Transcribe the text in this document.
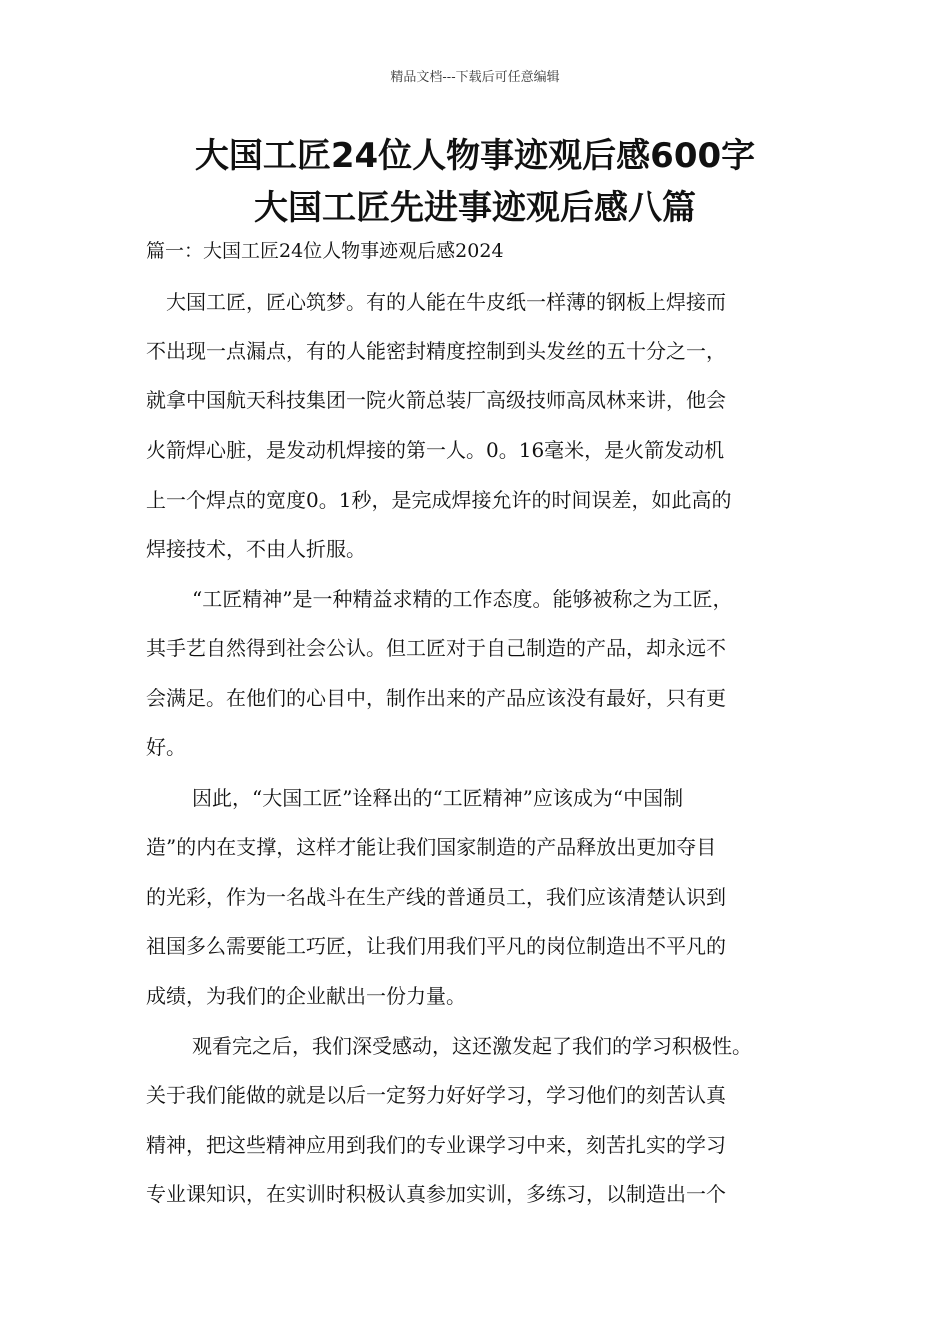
精品文档---下载后可任意编辑
大国工匠24位人物事迹观后感600字
大国工匠先进事迹观后感八篇
篇一：大国工匠24位人物事迹观后感2024
大国工匠，匠心筑梦。有的人能在牛皮纸一样薄的钢板上焊接而
不出现一点漏点，有的人能密封精度控制到头发丝的五十分之一，
就拿中国航天科技集团一院火箭总装厂高级技师高凤林来讲，他会
火箭焊心脏，是发动机焊接的第一人。0。16毫米，是火箭发动机
上一个焊点的宽度0。1秒，是完成焊接允许的时间误差，如此高的
焊接技术，不由人折服。
“工匠精神”是一种精益求精的工作态度。能够被称之为工匠，
其手艺自然得到社会公认。但工匠对于自己制造的产品，却永远不
会满足。在他们的心目中，制作出来的产品应该没有最好，只有更
好。
因此，“大国工匠”诠释出的“工匠精神”应该成为“中国制
造”的内在支撑，这样才能让我们国家制造的产品释放出更加夺目
的光彩，作为一名战斗在生产线的普通员工，我们应该清楚认识到
祖国多么需要能工巧匠，让我们用我们平凡的岗位制造出不平凡的
成绩，为我们的企业献出一份力量。
观看完之后，我们深受感动，这还激发起了我们的学习积极性。
关于我们能做的就是以后一定努力好好学习，学习他们的刻苦认真
精神，把这些精神应用到我们的专业课学习中来，刻苦扎实的学习
专业课知识，在实训时积极认真参加实训，多练习，以制造出一个
